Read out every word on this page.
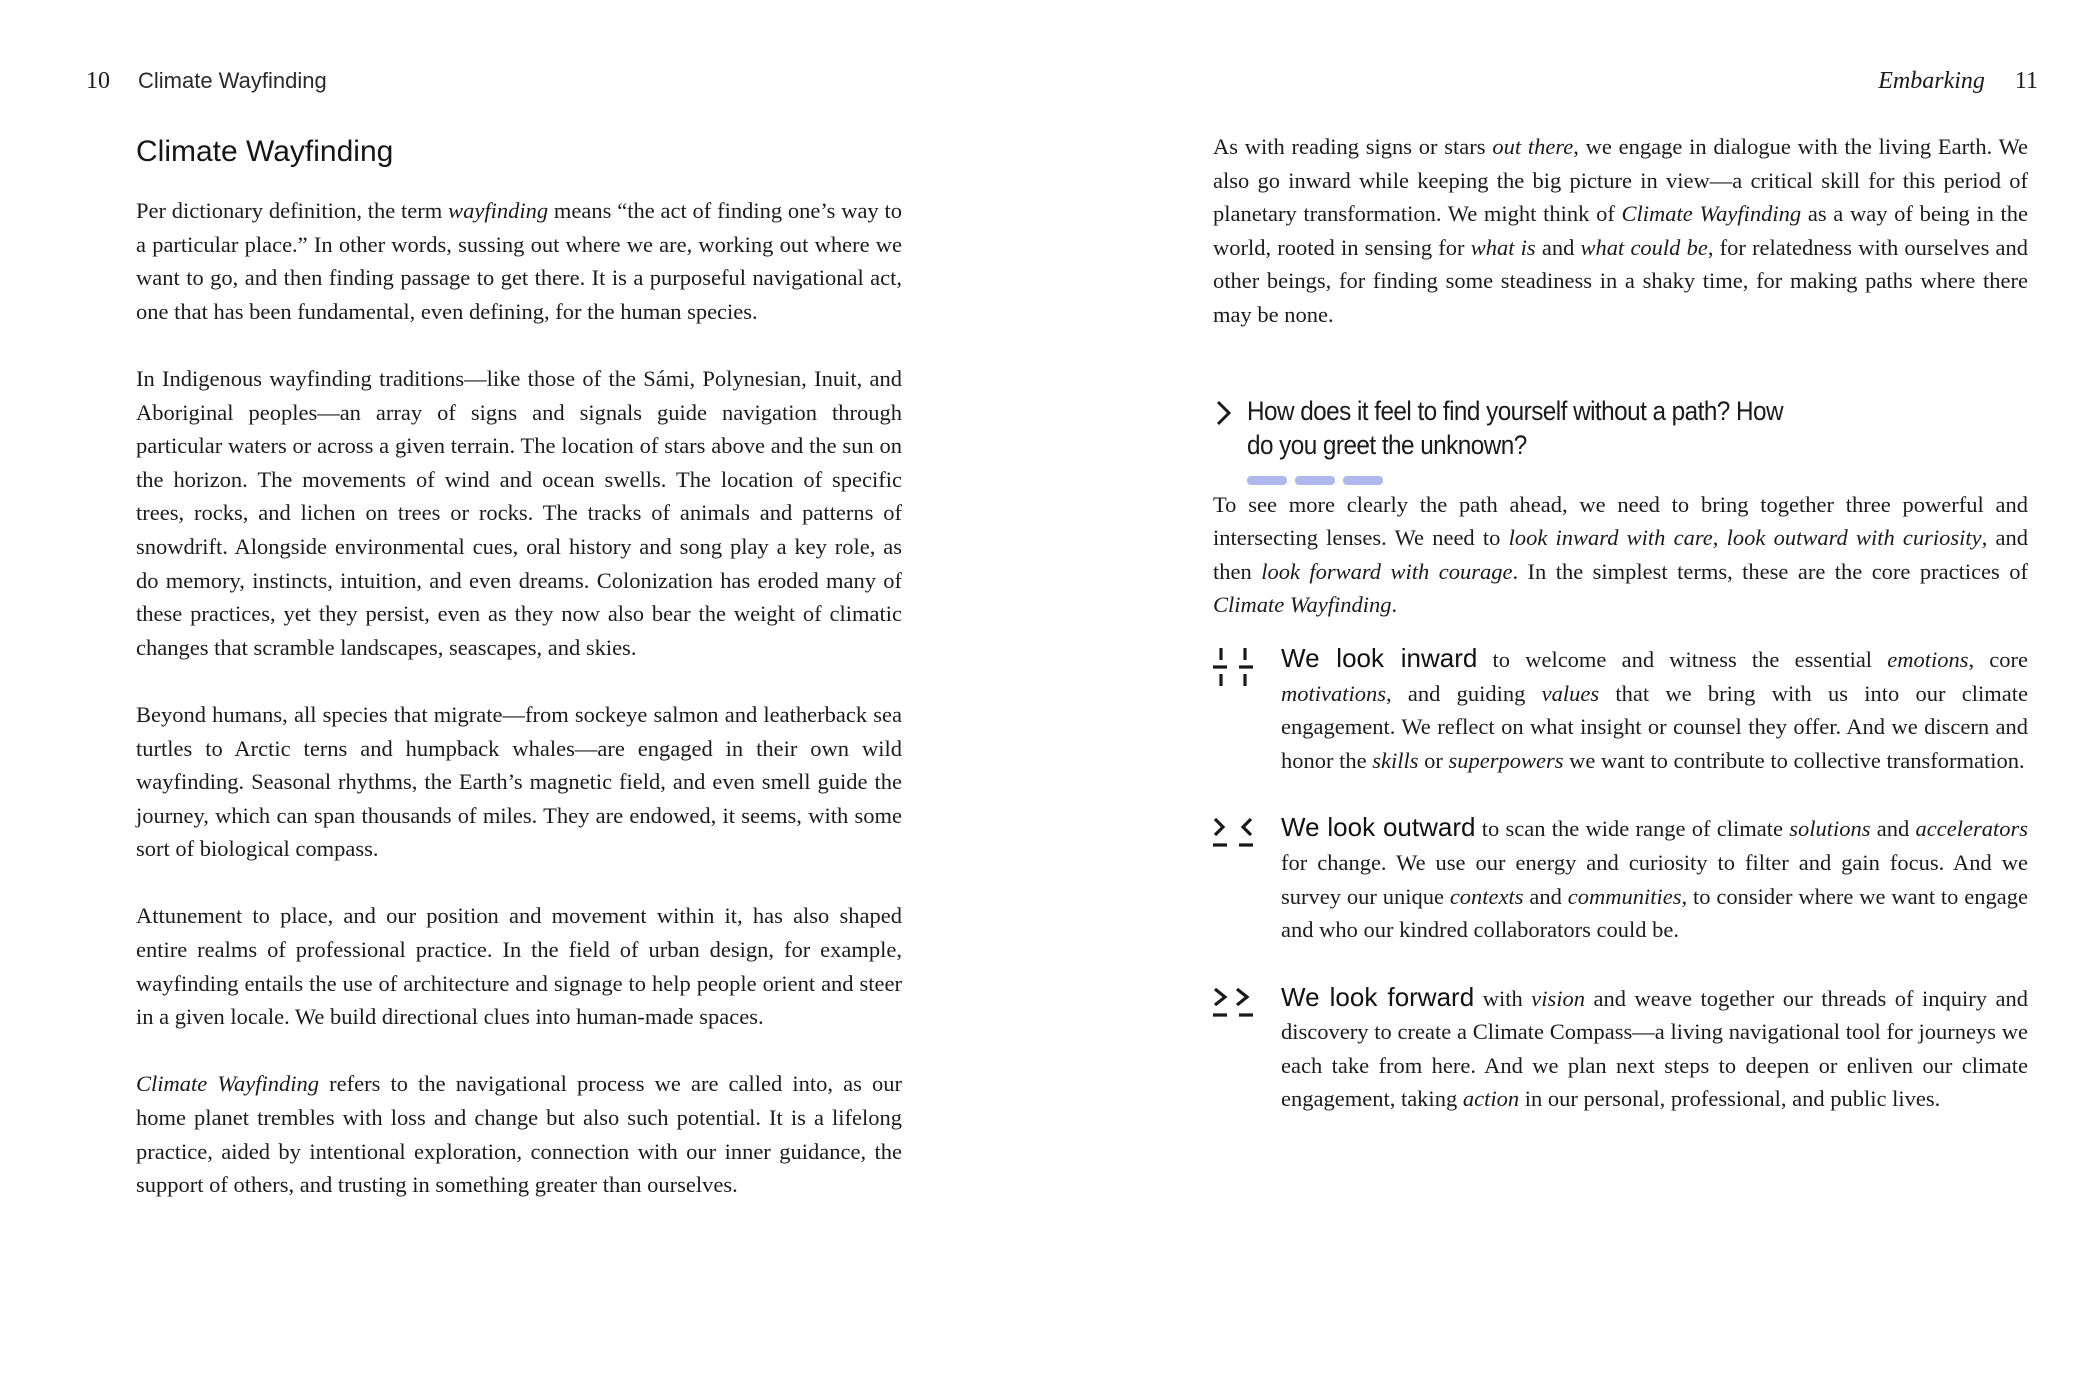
10 Climate Wayfinding
Climate Wayfinding

Per dictionary definition, the term wayfinding means “the act of finding one’s way to a particular place.” In other words, sussing out where we are, working out where we want to go, and then finding passage to get there. It is a purposeful navigational act, one that has been fundamental, even defining, for the human species.

In Indigenous wayfinding traditions—like those of the Sámi, Polynesian, Inuit, and Aboriginal peoples—an array of signs and signals guide navigation through particular waters or across a given terrain. The location of stars above and the sun on the horizon. The movements of wind and ocean swells. The location of specific trees, rocks, and lichen on trees or rocks. The tracks of animals and patterns of snowdrift. Alongside environmental cues, oral history and song play a key role, as do memory, instincts, intuition, and even dreams. Colonization has eroded many of these practices, yet they persist, even as they now also bear the weight of climatic changes that scramble landscapes, seascapes, and skies.

Beyond humans, all species that migrate—from sockeye salmon and leatherback sea turtles to Arctic terns and humpback whales—are engaged in their own wild wayfinding. Seasonal rhythms, the Earth’s magnetic field, and even smell guide the journey, which can span thousands of miles. They are endowed, it seems, with some sort of biological compass.

Attunement to place, and our position and movement within it, has also shaped entire realms of professional practice. In the field of urban design, for example, wayfinding entails the use of architecture and signage to help people orient and steer in a given locale. We build directional clues into human-made spaces.

Climate Wayfinding refers to the navigational process we are called into, as our home planet trembles with loss and change but also such potential. It is a lifelong practice, aided by intentional exploration, connection with our inner guidance, the support of others, and trusting in something greater than ourselves.

Embarking 11

As with reading signs or stars out there, we engage in dialogue with the living Earth. We also go inward while keeping the big picture in view—a critical skill for this period of planetary transformation. We might think of Climate Wayfinding as a way of being in the world, rooted in sensing for what is and what could be, for relatedness with ourselves and other beings, for finding some steadiness in a shaky time, for making paths where there may be none.

How does it feel to find yourself without a path? How do you greet the unknown?

To see more clearly the path ahead, we need to bring together three powerful and intersecting lenses. We need to look inward with care, look outward with curiosity, and then look forward with courage. In the simplest terms, these are the core practices of Climate Wayfinding.

We look inward to welcome and witness the essential emotions, core motivations, and guiding values that we bring with us into our climate engagement. We reflect on what insight or counsel they offer. And we discern and honor the skills or superpowers we want to contribute to collective transformation.

We look outward to scan the wide range of climate solutions and accelerators for change. We use our energy and curiosity to filter and gain focus. And we survey our unique contexts and communities, to consider where we want to engage and who our kindred collaborators could be.

We look forward with vision and weave together our threads of inquiry and discovery to create a Climate Compass—a living navigational tool for journeys we each take from here. And we plan next steps to deepen or enliven our climate engagement, taking action in our personal, professional, and public lives.
